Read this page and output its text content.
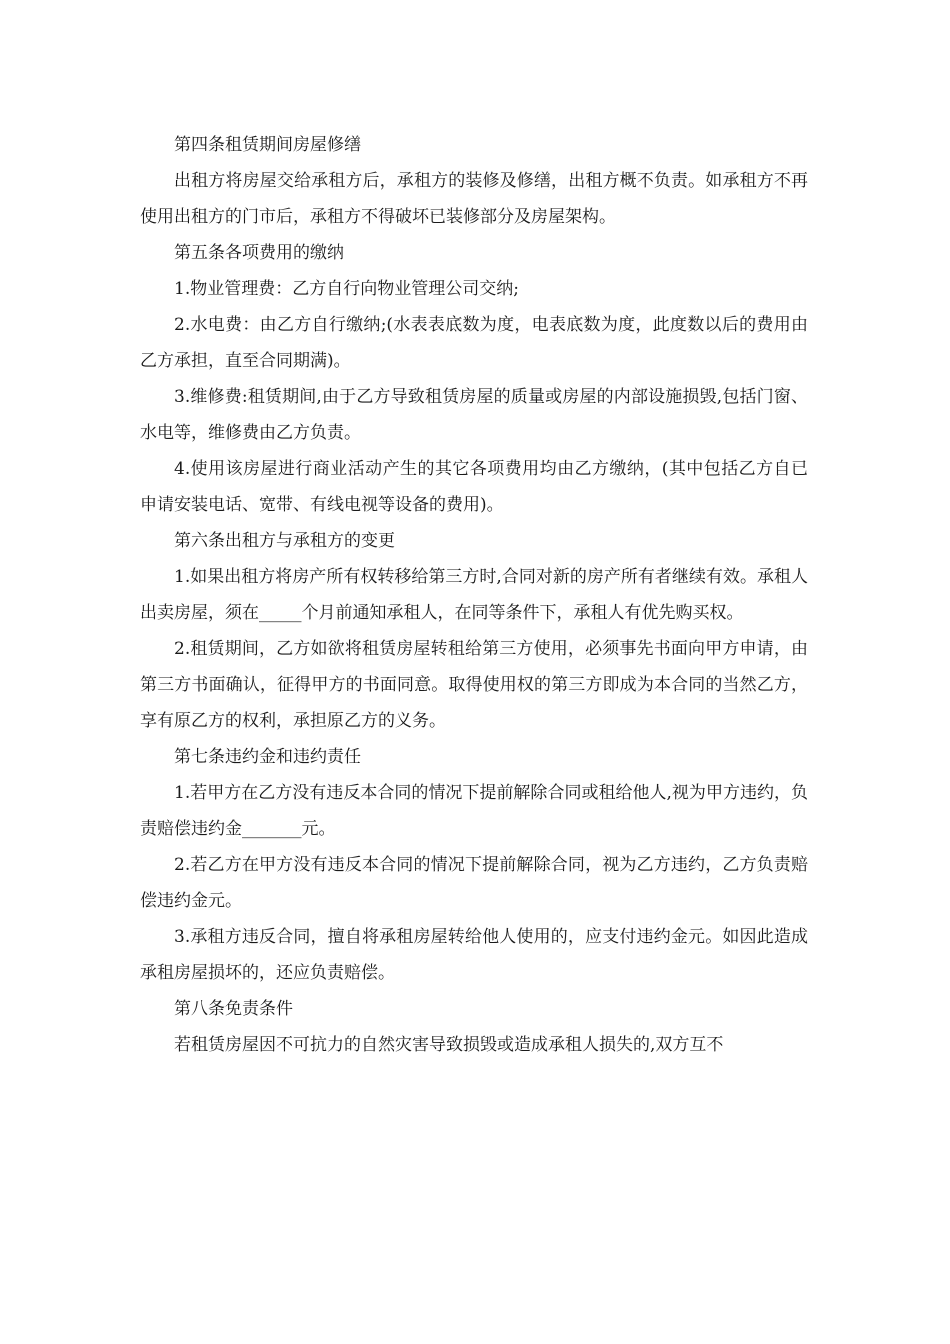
第四条租赁期间房屋修缮

出租方将房屋交给承租方后，承租方的装修及修缮，出租方概不负责。如承租方不再使用出租方的门市后，承租方不得破坏已装修部分及房屋架构。

第五条各项费用的缴纳

1.物业管理费：乙方自行向物业管理公司交纳;

2.水电费：由乙方自行缴纳;(水表表底数为度，电表底数为度，此度数以后的费用由乙方承担，直至合同期满)。

3.维修费:租赁期间,由于乙方导致租赁房屋的质量或房屋的内部设施损毁,包括门窗、水电等，维修费由乙方负责。

4.使用该房屋进行商业活动产生的其它各项费用均由乙方缴纳，(其中包括乙方自已申请安装电话、宽带、有线电视等设备的费用)。

第六条出租方与承租方的变更

1.如果出租方将房产所有权转移给第三方时,合同对新的房产所有者继续有效。承租人出卖房屋，须在_____个月前通知承租人，在同等条件下，承租人有优先购买权。

2.租赁期间，乙方如欲将租赁房屋转租给第三方使用，必须事先书面向甲方申请，由第三方书面确认，征得甲方的书面同意。取得使用权的第三方即成为本合同的当然乙方，享有原乙方的权利，承担原乙方的义务。

第七条违约金和违约责任

1.若甲方在乙方没有违反本合同的情况下提前解除合同或租给他人,视为甲方违约，负责赔偿违约金_______元。

2.若乙方在甲方没有违反本合同的情况下提前解除合同，视为乙方违约，乙方负责赔偿违约金元。

3.承租方违反合同，擅自将承租房屋转给他人使用的，应支付违约金元。如因此造成承租房屋损坏的，还应负责赔偿。

第八条免责条件

若租赁房屋因不可抗力的自然灾害导致损毁或造成承租人损失的,双方互不
